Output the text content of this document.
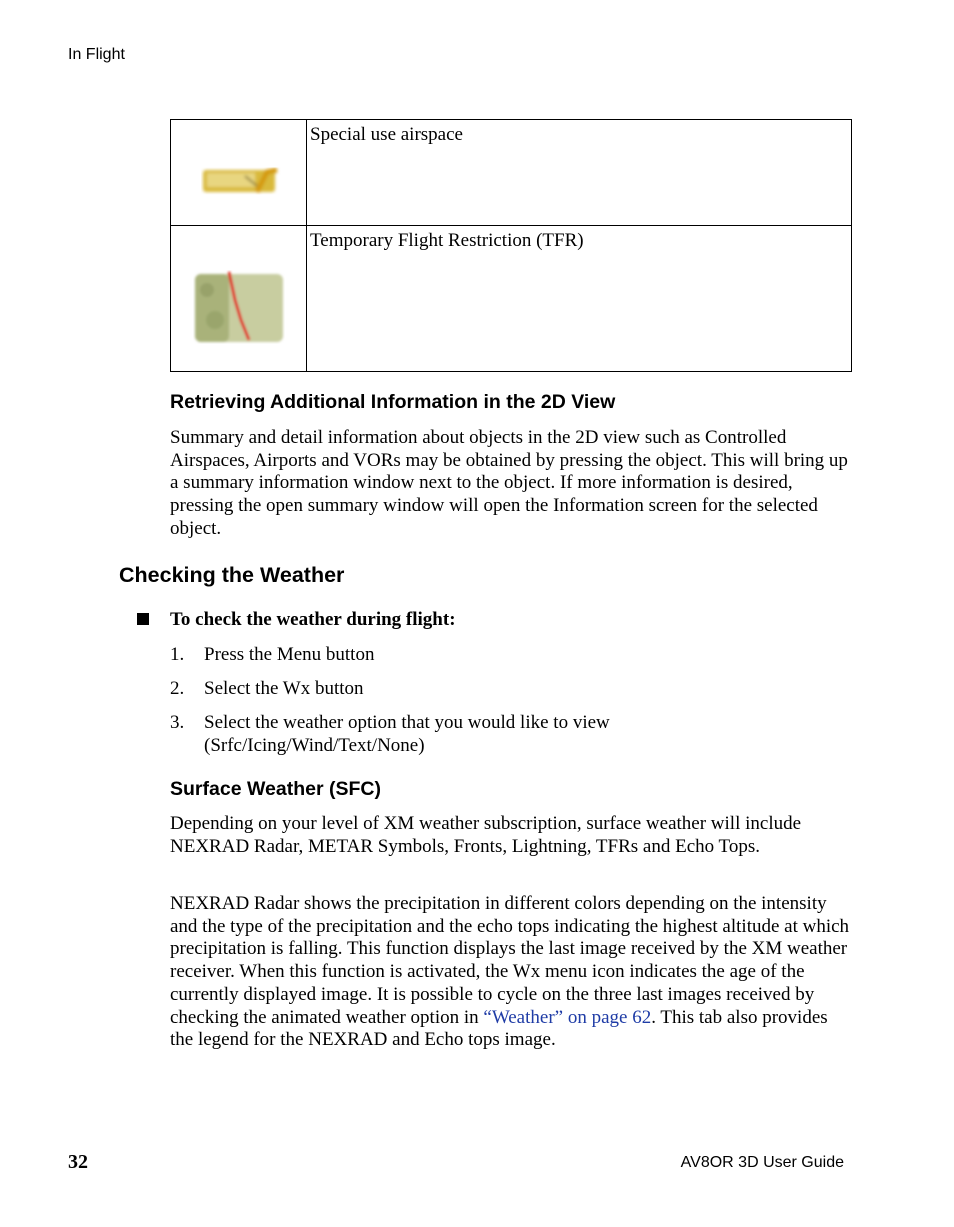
In Flight
	Special use airspace

	Temporary Flight Restriction (TFR)
Retrieving Additional Information in the 2D View
Summary and detail information about objects in the 2D view such as Controlled Airspaces, Airports and VORs may be obtained by pressing the object. This will bring up a summary information window next to the object. If more information is desired, pressing the open summary window will open the Information screen for the selected object.
Checking the Weather
To check the weather during flight:
1. Press the Menu button
2. Select the Wx button
3. Select the weather option that you would like to view
(Srfc/Icing/Wind/Text/None)
Surface Weather (SFC)
Depending on your level of XM weather subscription, surface weather will include NEXRAD Radar, METAR Symbols, Fronts, Lightning, TFRs and Echo Tops.
NEXRAD Radar shows the precipitation in different colors depending on the intensity and the type of the precipitation and the echo tops indicating the highest altitude at which precipitation is falling. This function displays the last image received by the XM weather receiver. When this function is activated, the Wx menu icon indicates the age of the currently displayed image. It is possible to cycle on the three last images received by checking the animated weather option in “Weather” on page 62. This tab also provides the legend for the NEXRAD and Echo tops image.
32	AV8OR 3D User Guide
